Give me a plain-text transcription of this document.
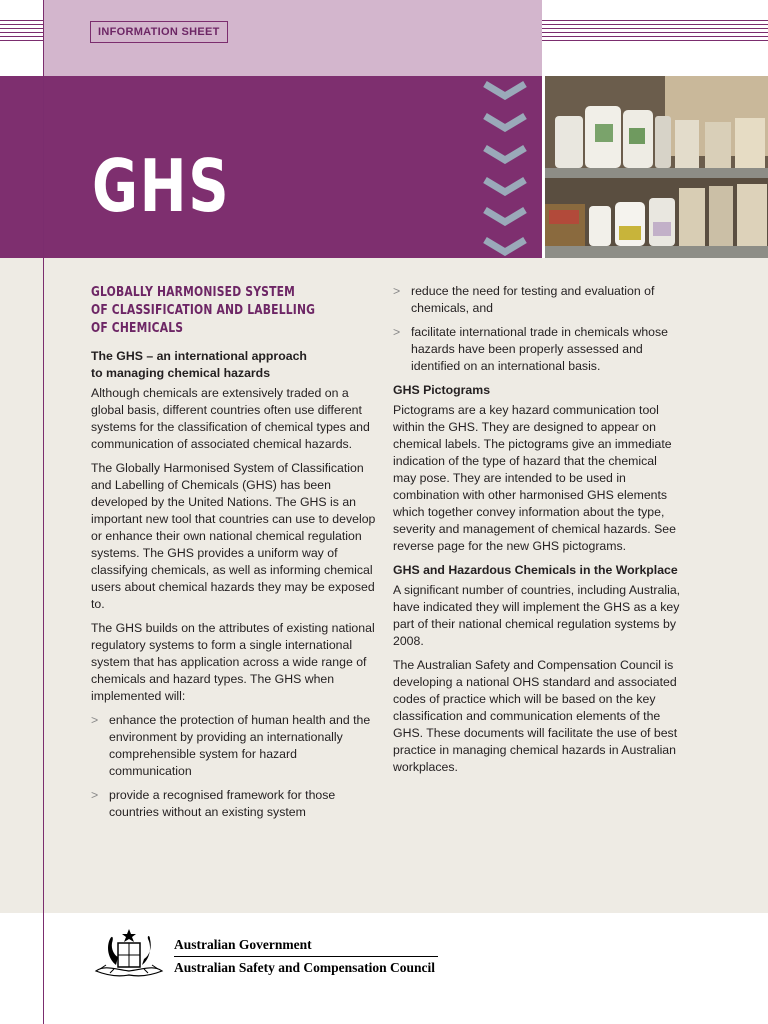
INFORMATION SHEET
GHS
GLOBALLY HARMONISED SYSTEM
OF CLASSIFICATION AND LABELLING
OF CHEMICALS
The GHS – an international approach
to managing chemical hazards

Although chemicals are extensively traded on a global basis, different countries often use different systems for the classification of chemical types and communication of associated chemical hazards.

The Globally Harmonised System of Classification and Labelling of Chemicals (GHS) has been developed by the United Nations. The GHS is an important new tool that countries can use to develop or enhance their own national chemical regulation systems. The GHS provides a uniform way of classifying chemicals, as well as informing chemical users about chemical hazards they may be exposed to.

The GHS builds on the attributes of existing national regulatory systems to form a single international system that has application across a wide range of chemicals and hazard types. The GHS when implemented will:

> enhance the protection of human health and the environment by providing an internationally comprehensible system for hazard communication
> provide a recognised framework for those countries without an existing system
> reduce the need for testing and evaluation of chemicals, and
> facilitate international trade in chemicals whose hazards have been properly assessed and identified on an international basis.
GHS Pictograms

Pictograms are a key hazard communication tool within the GHS. They are designed to appear on chemical labels. The pictograms give an immediate indication of the type of hazard that the chemical may pose. They are intended to be used in combination with other harmonised GHS elements which together convey information about the type, severity and management of chemical hazards. See reverse page for the new GHS pictograms.

GHS and Hazardous Chemicals in the Workplace

A significant number of countries, including Australia, have indicated they will implement the GHS as a key part of their national chemical regulation systems by 2008.

The Australian Safety and Compensation Council is developing a national OHS standard and associated codes of practice which will be based on the key classification and communication elements of the GHS. These documents will facilitate the use of best practice in managing chemical hazards in Australian workplaces.

Australian Government
Australian Safety and Compensation Council
